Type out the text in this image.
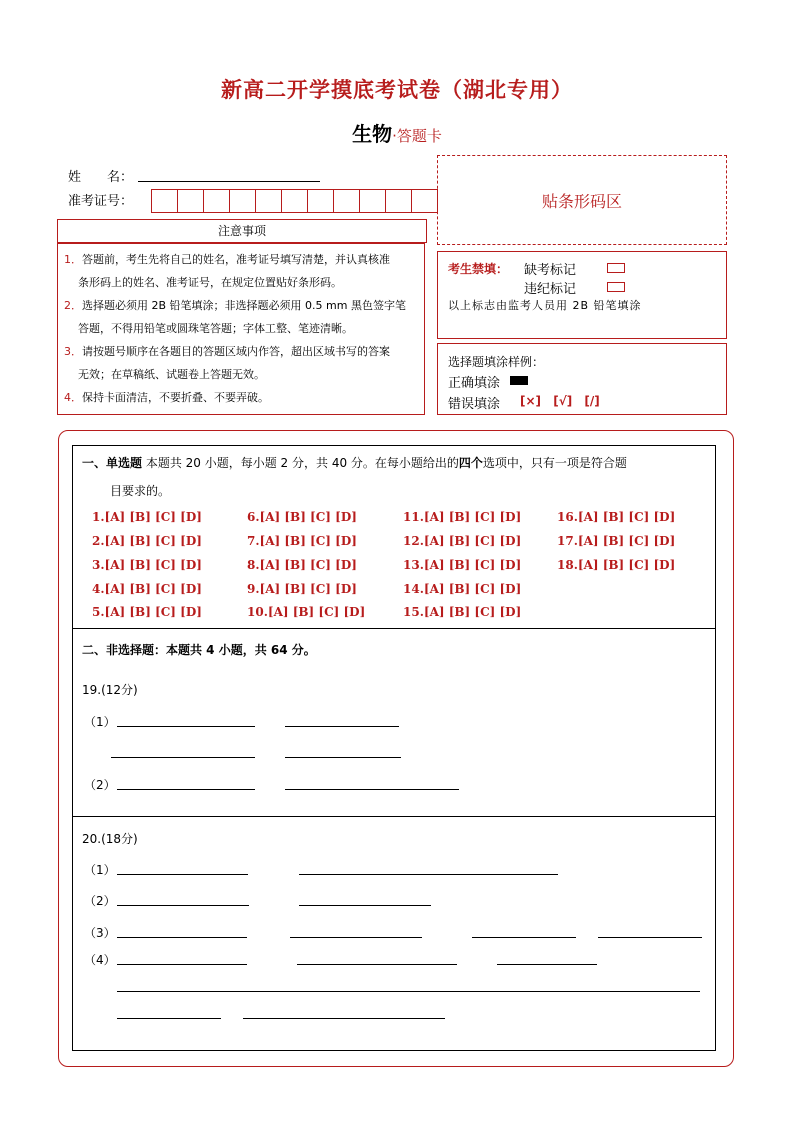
新高二开学摸底考试卷（湖北专用）
生物·答题卡
姓　　名：
准考证号：
注意事项

1．答题前，考生先将自己的姓名，准考证号填写清楚，并认真核准

条形码上的姓名、准考证号，在规定位置贴好条形码。

2．选择题必须用 2B 铅笔填涂；非选择题必须用 0.5 mm 黑色签字笔

答题，不得用铅笔或圆珠笔答题；字体工整、笔迹清晰。

3．请按题号顺序在各题目的答题区域内作答，超出区域书写的答案

无效；在草稿纸、试题卷上答题无效。

4．保持卡面清洁，不要折叠、不要弄破。

贴条形码区
考生禁填： 缺考标记
违纪标记
以上标志由监考人员用 2B 铅笔填涂
选择题填涂样例：
正确填涂
错误填涂 [×] [√] [/]
一、单选题 本题共 20 小题，每小题 2 分，共 40 分。在每小题给出的四个选项中，只有一项是符合题
目要求的。
1.[A] [B] [C] [D]
2.[A] [B] [C] [D]
3.[A] [B] [C] [D]
4.[A] [B] [C] [D]
5.[A] [B] [C] [D]
6.[A] [B] [C] [D]
7.[A] [B] [C] [D]
8.[A] [B] [C] [D]
9.[A] [B] [C] [D]
10.[A] [B] [C] [D]
11.[A] [B] [C] [D]
12.[A] [B] [C] [D]
13.[A] [B] [C] [D]
14.[A] [B] [C] [D]
15.[A] [B] [C] [D]
16.[A] [B] [C] [D]
17.[A] [B] [C] [D]
18.[A] [B] [C] [D]
二、非选择题：本题共 4 小题，共 64 分。
19.(12分)
（1）
（2）
20.(18分)
（1）
（2）
（3）
（4）
